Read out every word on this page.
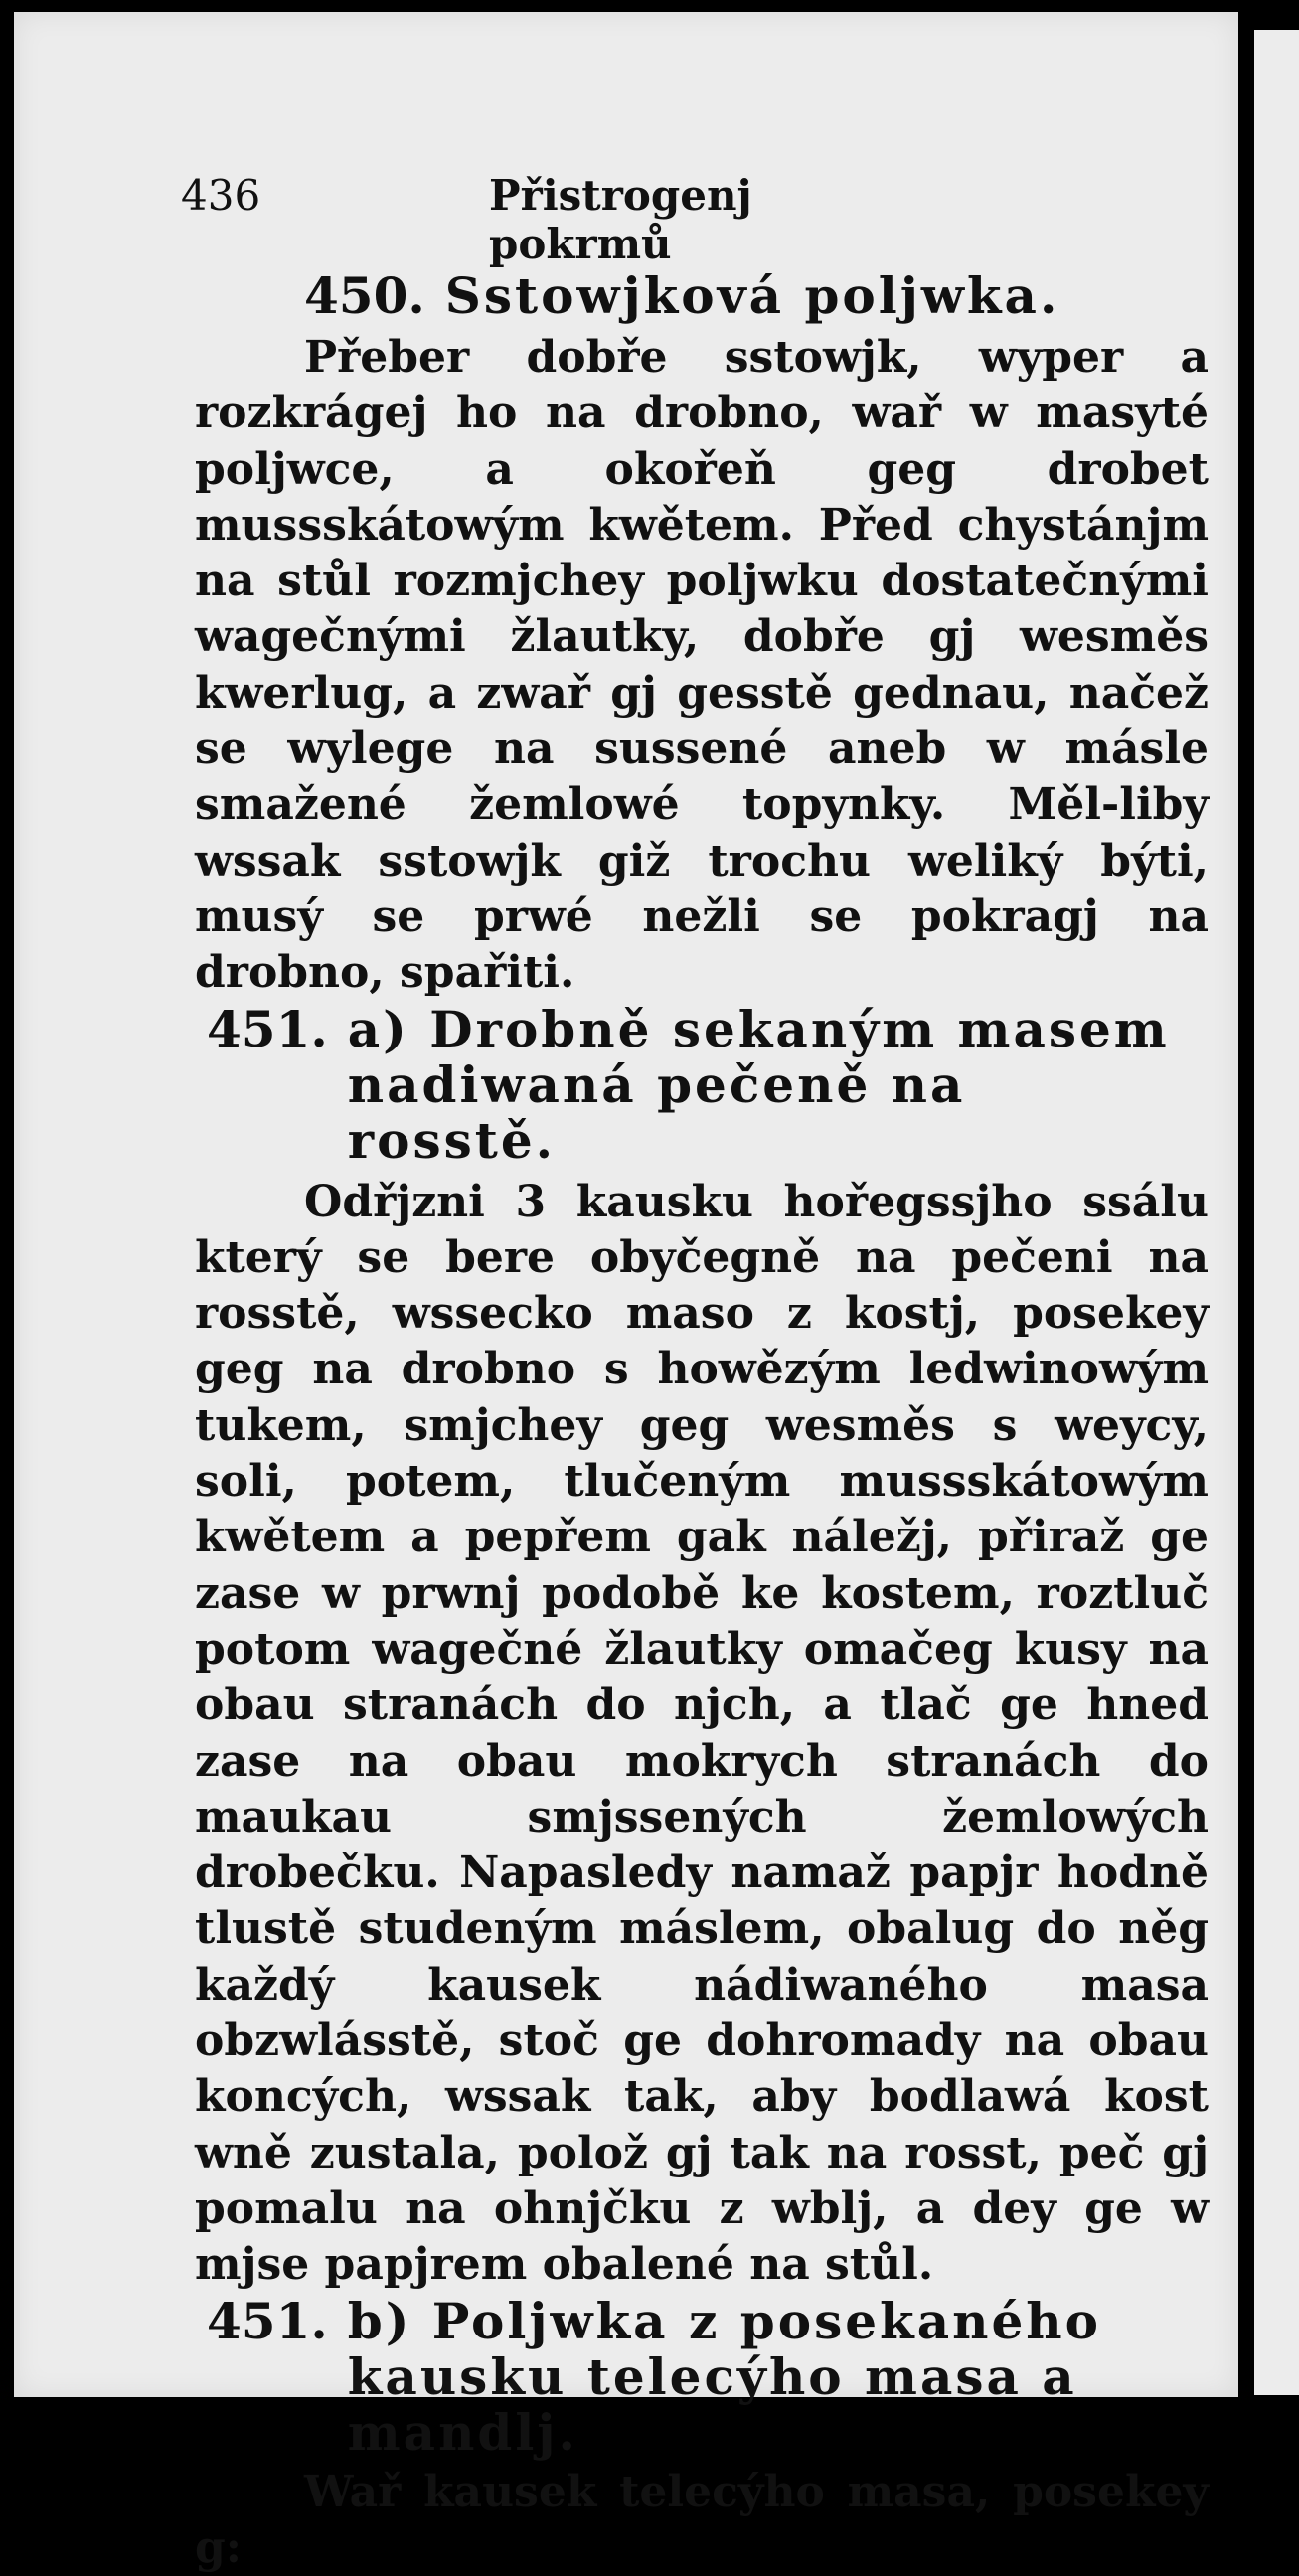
436	Přistrogenj pokrmů
450. Sstowjková poljwka.

Přeber dobře sstowjk, wyper a rozkrágej ho na drobno, wař w masyté poljwce, a okořeň geg drobet mussskátowým kwětem. Před chystánjm na stůl rozmjchey poljwku dostatečnými wagečnými žlautky, dobře gj wesměs kwerlug, a zwař gj gesstě gednau, načež se wylege na sussené aneb w másle smažené žemlowé topynky. Měl-liby wssak sstowjk giž trochu weliký býti, musý se prwé nežli se pokragj na drobno, spařiti.

451. a) Drobně sekaným masem nadiwaná pečeně na rosstě.

Odřjzni 3 kausku hořegssjho ssálu který se bere obyčegně na pečeni na rosstě, wssecko maso z kostj, posekey geg na drobno s howězým ledwinowým tukem, smjchey geg wesměs s weycy, soli, potem, tlučeným mussskátowým kwětem a pepřem gak náležj, přiraž ge zase w prwnj podobě ke kostem, roztluč potom wagečné žlautky omačeg kusy na obau stranách do njch, a tlač ge hned zase na obau mokrych stranách do maukau smjssených žemlowých drobečku. Napasledy namaž papjr hodně tlustě studeným máslem, obalug do něg každý kausek nádiwaného masa obzwlásstě, stoč ge dohromady na obau koncých, wssak tak, aby bodlawá kost wně zustala, polož gj tak na rosst, peč gj pomalu na ohnjčku z wblj, a dey ge w mjse papjrem obalené na stůl.

451. b) Poljwka z posekaného kausku telecýho masa a mandlj.

Wař kausek telecýho masa, posekey g:
